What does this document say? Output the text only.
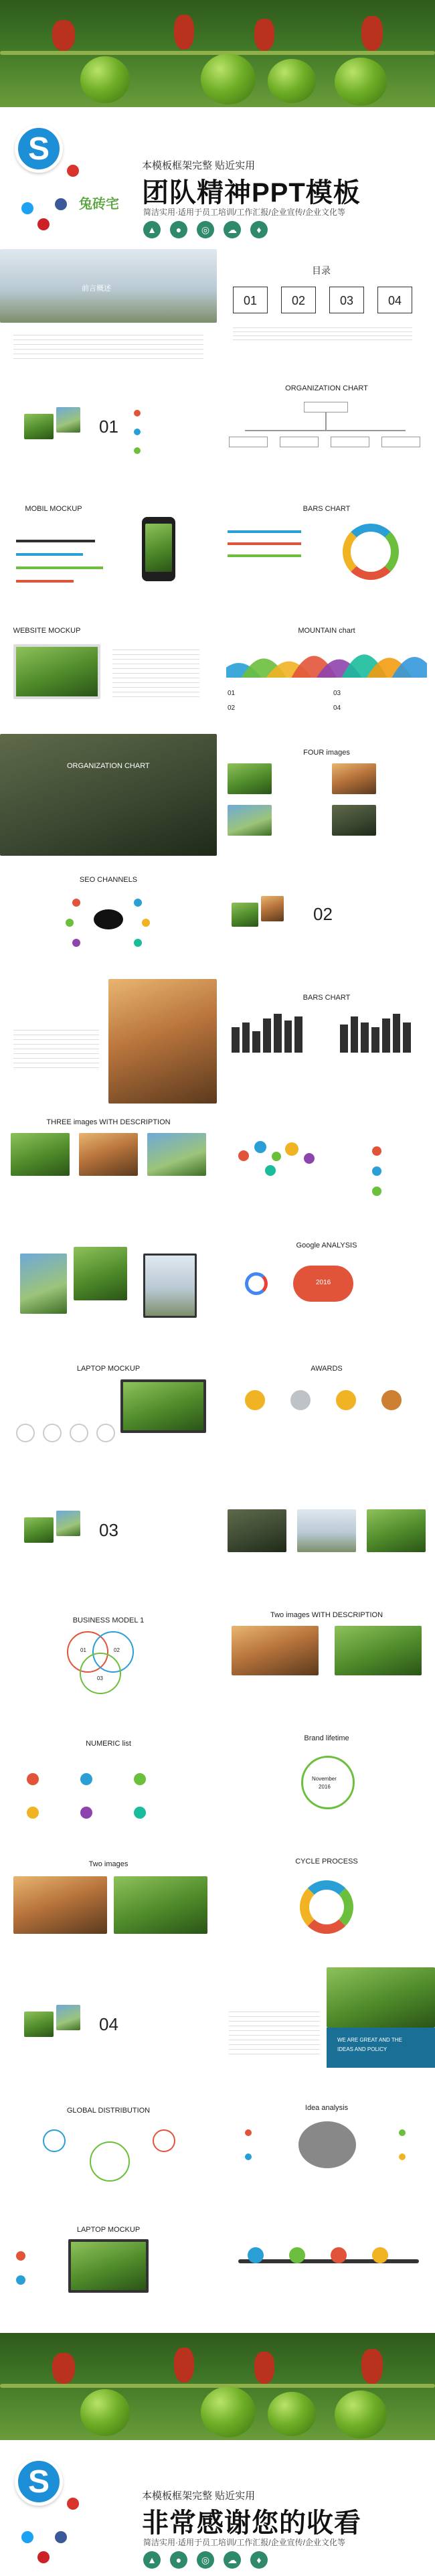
S
兔砖宅
本模板框架完整 贴近实用
团队精神PPT模板
简洁实用·适用于员工培训/工作汇报/企业宣传/企业文化等
▲	●	◎	☁	♦
前言概述
目录
01	02	03	04
01
ORGANIZATION CHART
MOBIL MOCKUP	BARS CHART
WEBSITE MOCKUP	MOUNTAIN chart
01
02
03
04
ORGANIZATION CHART
FOUR images
SEO CHANNELS
02
BARS CHART
THREE images WITH DESCRIPTION
Google ANALYSIS
2016
LAPTOP MOCKUP	AWARDS
03
BUSINESS MODEL 1
01	02
03
Two images WITH DESCRIPTION
NUMERIC list
Brand lifetime
November
2016
Two images	CYCLE PROCESS
04
WE ARE GREAT AND THE
IDEAS AND POLICY
GLOBAL DISTRIBUTION	Idea analysis
LAPTOP MOCKUP
S	本模板框架完整 贴近实用
非常感谢您的收看
简洁实用·适用于员工培训/工作汇报/企业宣传/企业文化等
▲	●	◎	☁	♦
